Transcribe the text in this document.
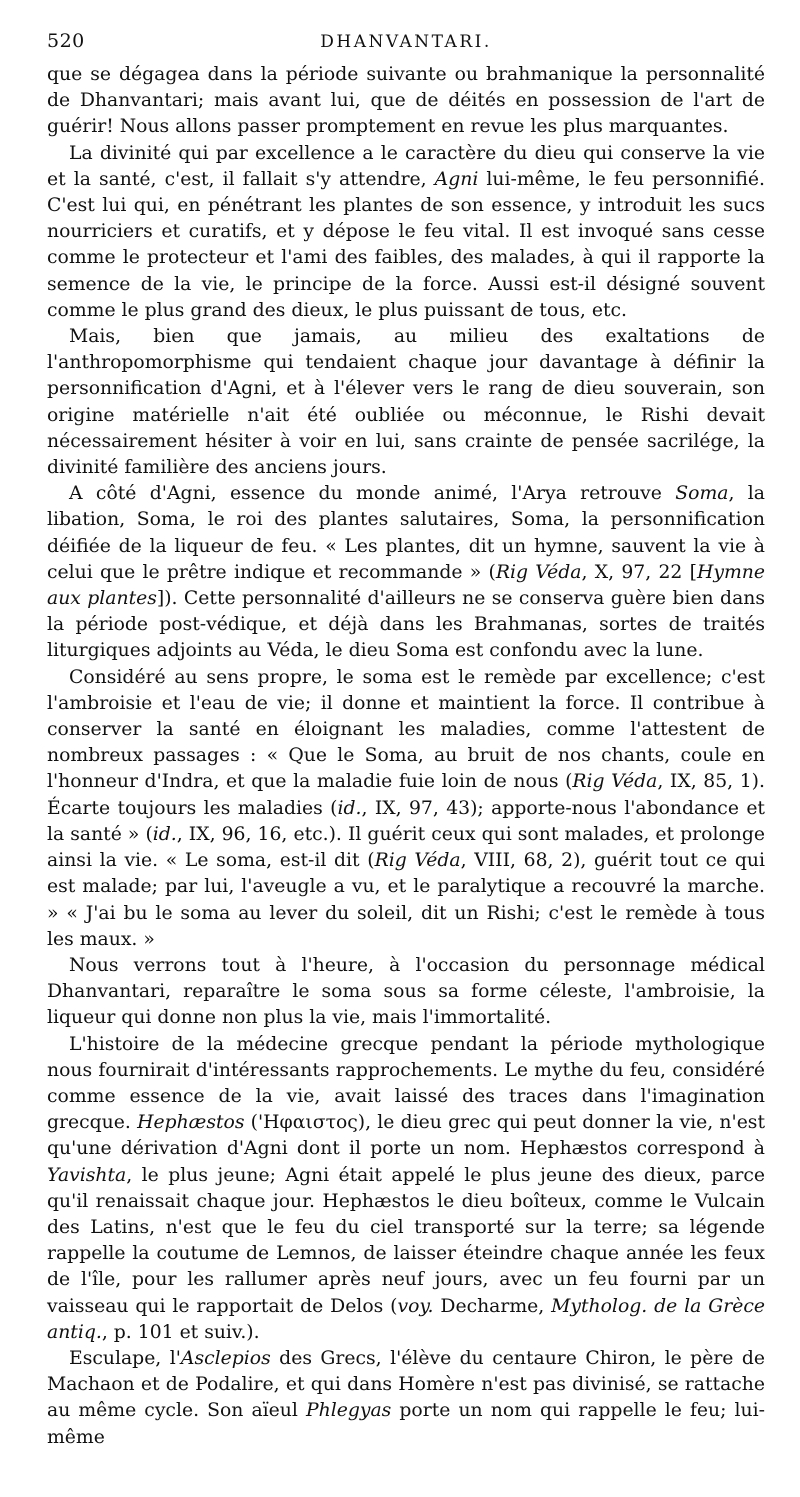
520	DHANVANTARI.

que se dégagea dans la période suivante ou brahmanique la personnalité de Dhanvantari; mais avant lui, que de déités en possession de l'art de guérir! Nous allons passer promptement en revue les plus marquantes.

La divinité qui par excellence a le caractère du dieu qui conserve la vie et la santé, c'est, il fallait s'y attendre, Agni lui-même, le feu personnifié. C'est lui qui, en pénétrant les plantes de son essence, y introduit les sucs nourriciers et curatifs, et y dépose le feu vital. Il est invoqué sans cesse comme le protecteur et l'ami des faibles, des malades, à qui il rapporte la semence de la vie, le principe de la force. Aussi est-il désigné souvent comme le plus grand des dieux, le plus puissant de tous, etc.

Mais, bien que jamais, au milieu des exaltations de l'anthropomorphisme qui tendaient chaque jour davantage à définir la personnification d'Agni, et à l'élever vers le rang de dieu souverain, son origine matérielle n'ait été oubliée ou méconnue, le Rishi devait nécessairement hésiter à voir en lui, sans crainte de pensée sacrilége, la divinité familière des anciens jours.

A côté d'Agni, essence du monde animé, l'Arya retrouve Soma, la libation, Soma, le roi des plantes salutaires, Soma, la personnification déifiée de la liqueur de feu. « Les plantes, dit un hymne, sauvent la vie à celui que le prêtre indique et recommande » (Rig Véda, X, 97, 22 [Hymne aux plantes]). Cette personnalité d'ailleurs ne se conserva guère bien dans la période post-védique, et déjà dans les Brahmanas, sortes de traités liturgiques adjoints au Véda, le dieu Soma est confondu avec la lune.

Considéré au sens propre, le soma est le remède par excellence; c'est l'ambroisie et l'eau de vie; il donne et maintient la force. Il contribue à conserver la santé en éloignant les maladies, comme l'attestent de nombreux passages : « Que le Soma, au bruit de nos chants, coule en l'honneur d'Indra, et que la maladie fuie loin de nous (Rig Véda, IX, 85, 1). Écarte toujours les maladies (id., IX, 97, 43); apporte-nous l'abondance et la santé » (id., IX, 96, 16, etc.). Il guérit ceux qui sont malades, et prolonge ainsi la vie. « Le soma, est-il dit (Rig Véda, VIII, 68, 2), guérit tout ce qui est malade; par lui, l'aveugle a vu, et le paralytique a recouvré la marche. » « J'ai bu le soma au lever du soleil, dit un Rishi; c'est le remède à tous les maux. »

Nous verrons tout à l'heure, à l'occasion du personnage médical Dhanvantari, reparaître le soma sous sa forme céleste, l'ambroisie, la liqueur qui donne non plus la vie, mais l'immortalité.

L'histoire de la médecine grecque pendant la période mythologique nous fournirait d'intéressants rapprochements. Le mythe du feu, considéré comme essence de la vie, avait laissé des traces dans l'imagination grecque. Hephæstos ('Ηφαιστος), le dieu grec qui peut donner la vie, n'est qu'une dérivation d'Agni dont il porte un nom. Hephæstos correspond à Yavishta, le plus jeune; Agni était appelé le plus jeune des dieux, parce qu'il renaissait chaque jour. Hephæstos le dieu boîteux, comme le Vulcain des Latins, n'est que le feu du ciel transporté sur la terre; sa légende rappelle la coutume de Lemnos, de laisser éteindre chaque année les feux de l'île, pour les rallumer après neuf jours, avec un feu fourni par un vaisseau qui le rapportait de Delos (voy. Decharme, Mytholog. de la Grèce antiq., p. 101 et suiv.).

Esculape, l'Asclepios des Grecs, l'élève du centaure Chiron, le père de Machaon et de Podalire, et qui dans Homère n'est pas divinisé, se rattache au même cycle. Son aïeul Phlegyas porte un nom qui rappelle le feu; lui-même
